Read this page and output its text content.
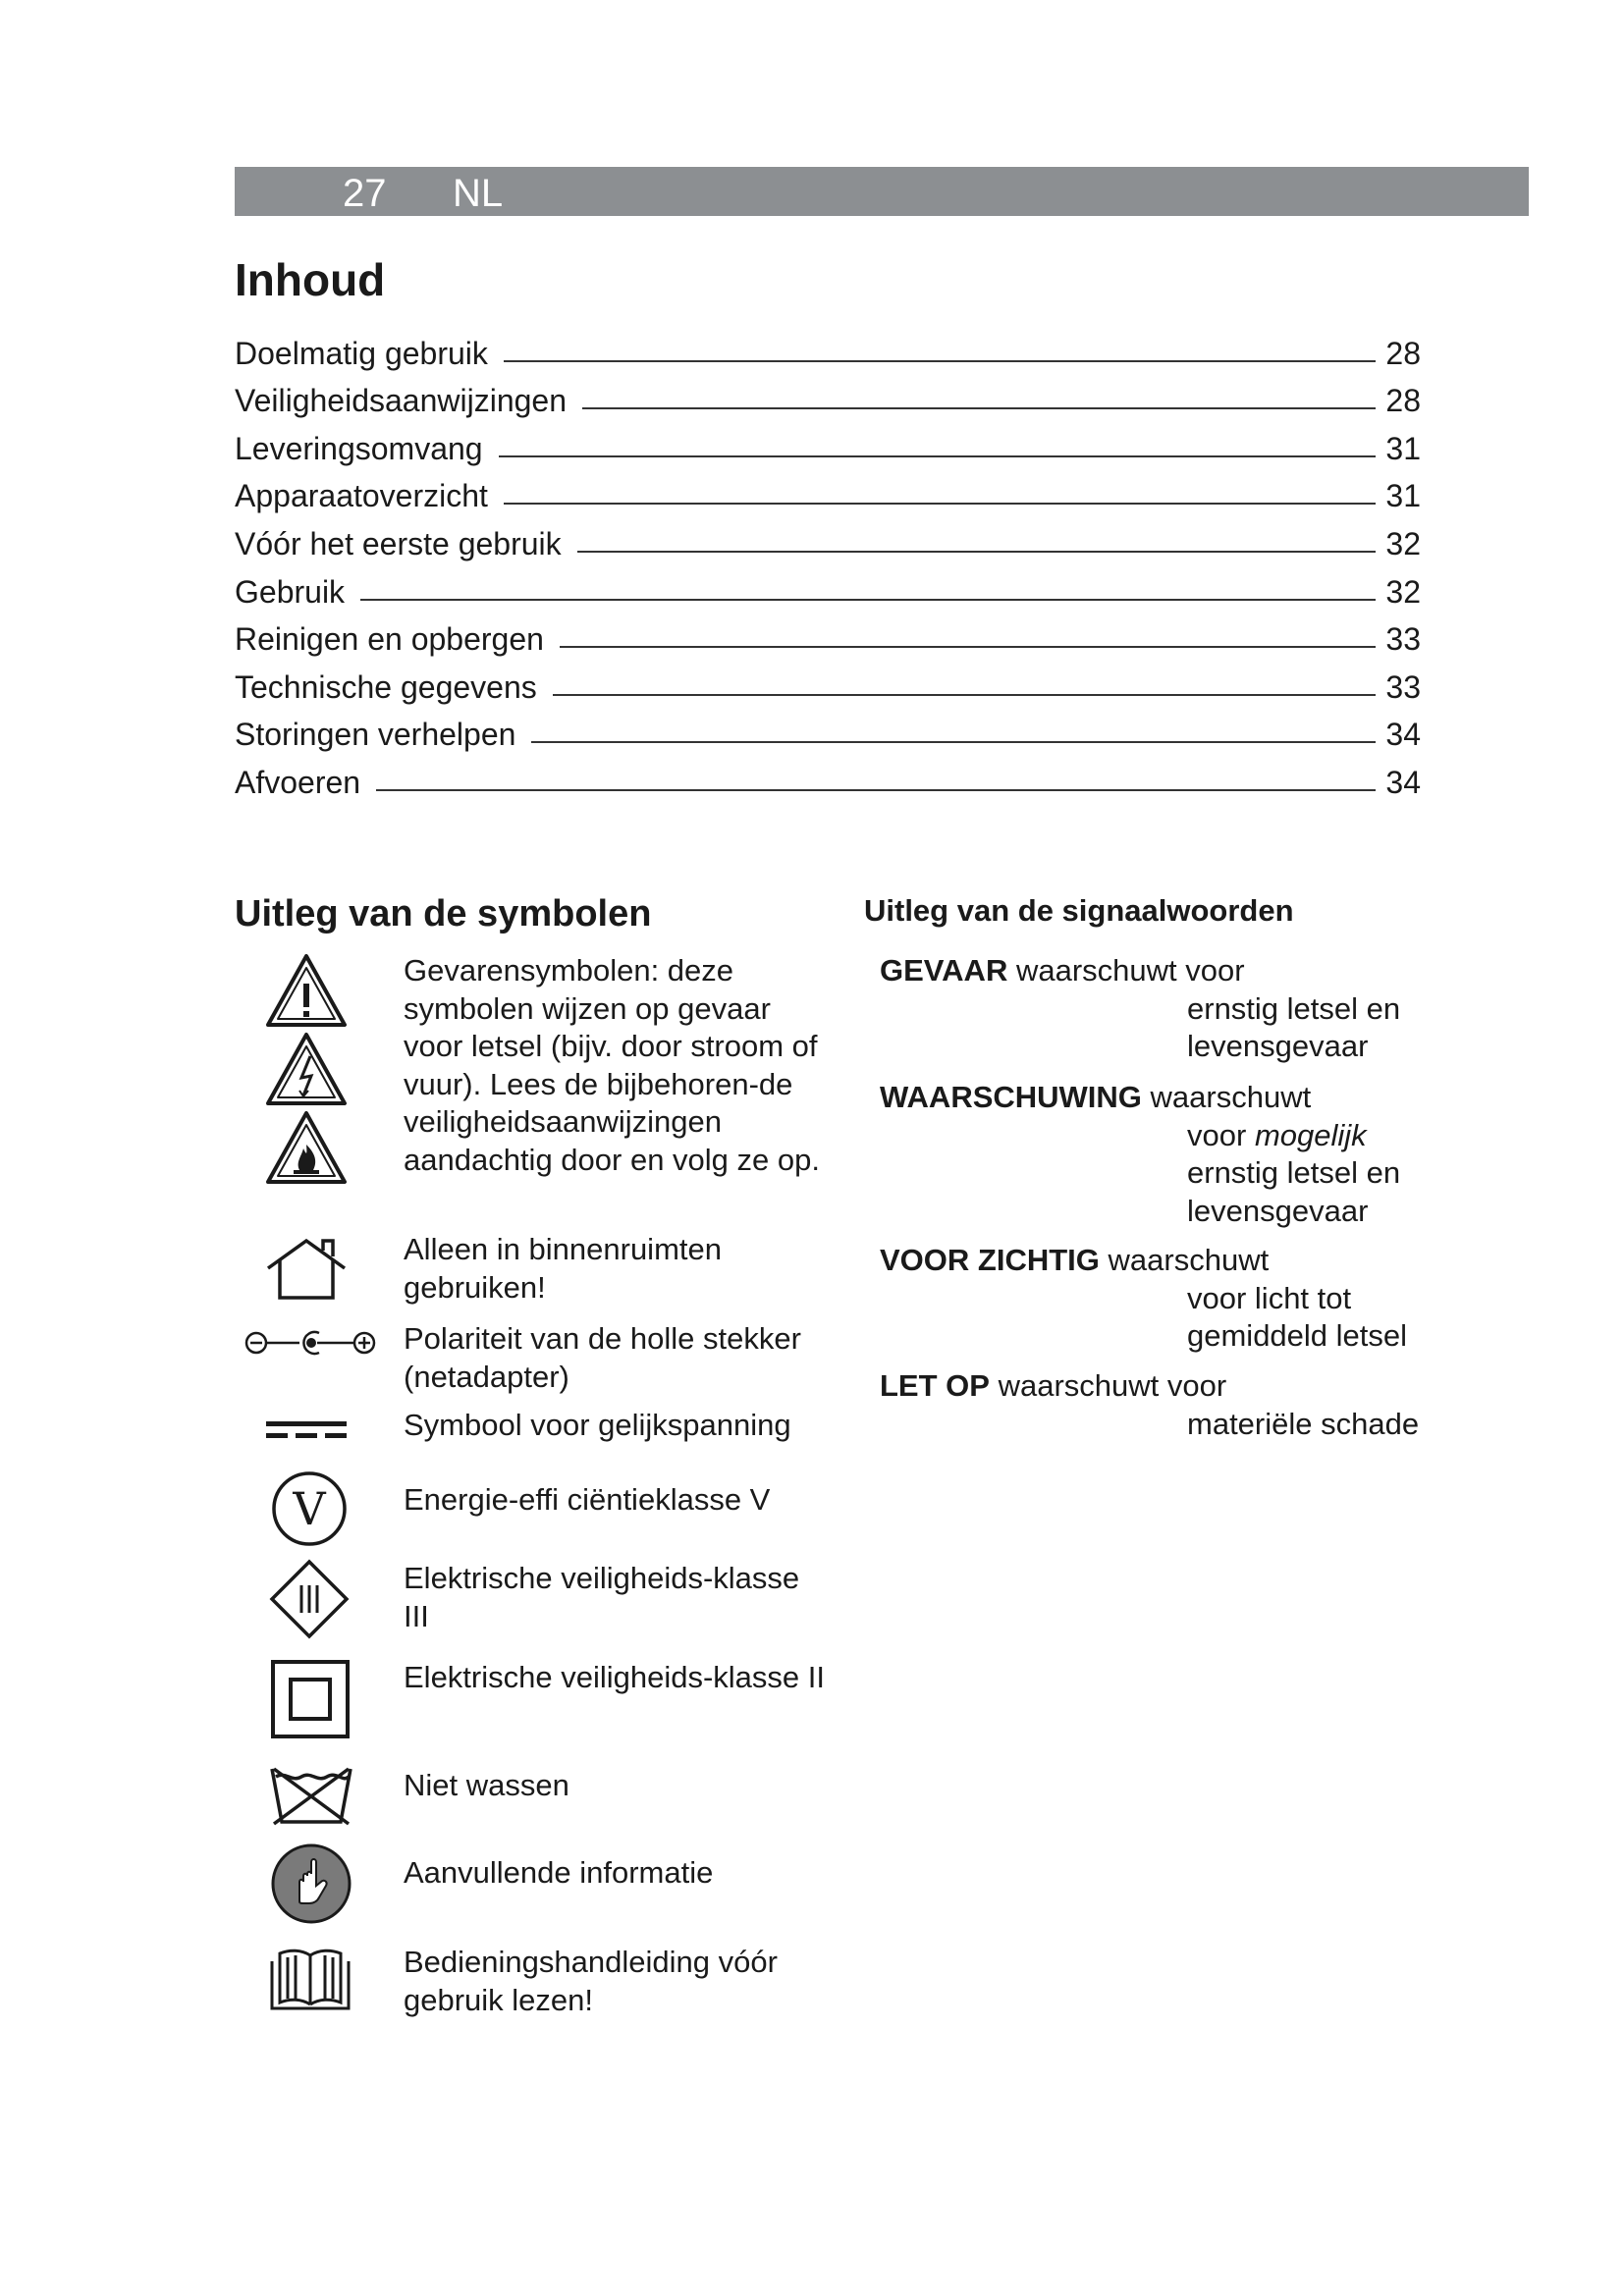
27 NL
Inhoud
Doelmatig gebruik	28
Veiligheidsaanwijzingen	28
Leveringsomvang	31
Apparaatoverzicht	31
Vóór het eerste gebruik	32
Gebruik	32
Reinigen en opbergen	33
Technische gegevens	33
Storingen verhelpen	34
Afvoeren	34
Uitleg van de symbolen	Uitleg van de signaalwoorden
Gevarensymbolen: deze symbolen wijzen op gevaar voor letsel (bijv. door stroom of vuur). Lees de bijbehoren-de veiligheidsaanwijzingen aandachtig door en volg ze op.
Alleen in binnenruimten gebruiken!
Polariteit van de holle stekker (netadapter)
Symbool voor gelijkspanning
V	Energie-effi ciëntieklasse V
Elektrische veiligheids-klasse III
Elektrische veiligheids-klasse II
Niet wassen
Aanvullende informatie
Bedieningshandleiding vóór gebruik lezen!
GEVAAR waarschuwt voor
ernstig letsel en
levensgevaar
WAARSCHUWING waarschuwt
voor mogelijk
ernstig letsel en
levensgevaar
VOOR ZICHTIG waarschuwt
voor licht tot
gemiddeld letsel
LET OP waarschuwt voor
materiële schade
